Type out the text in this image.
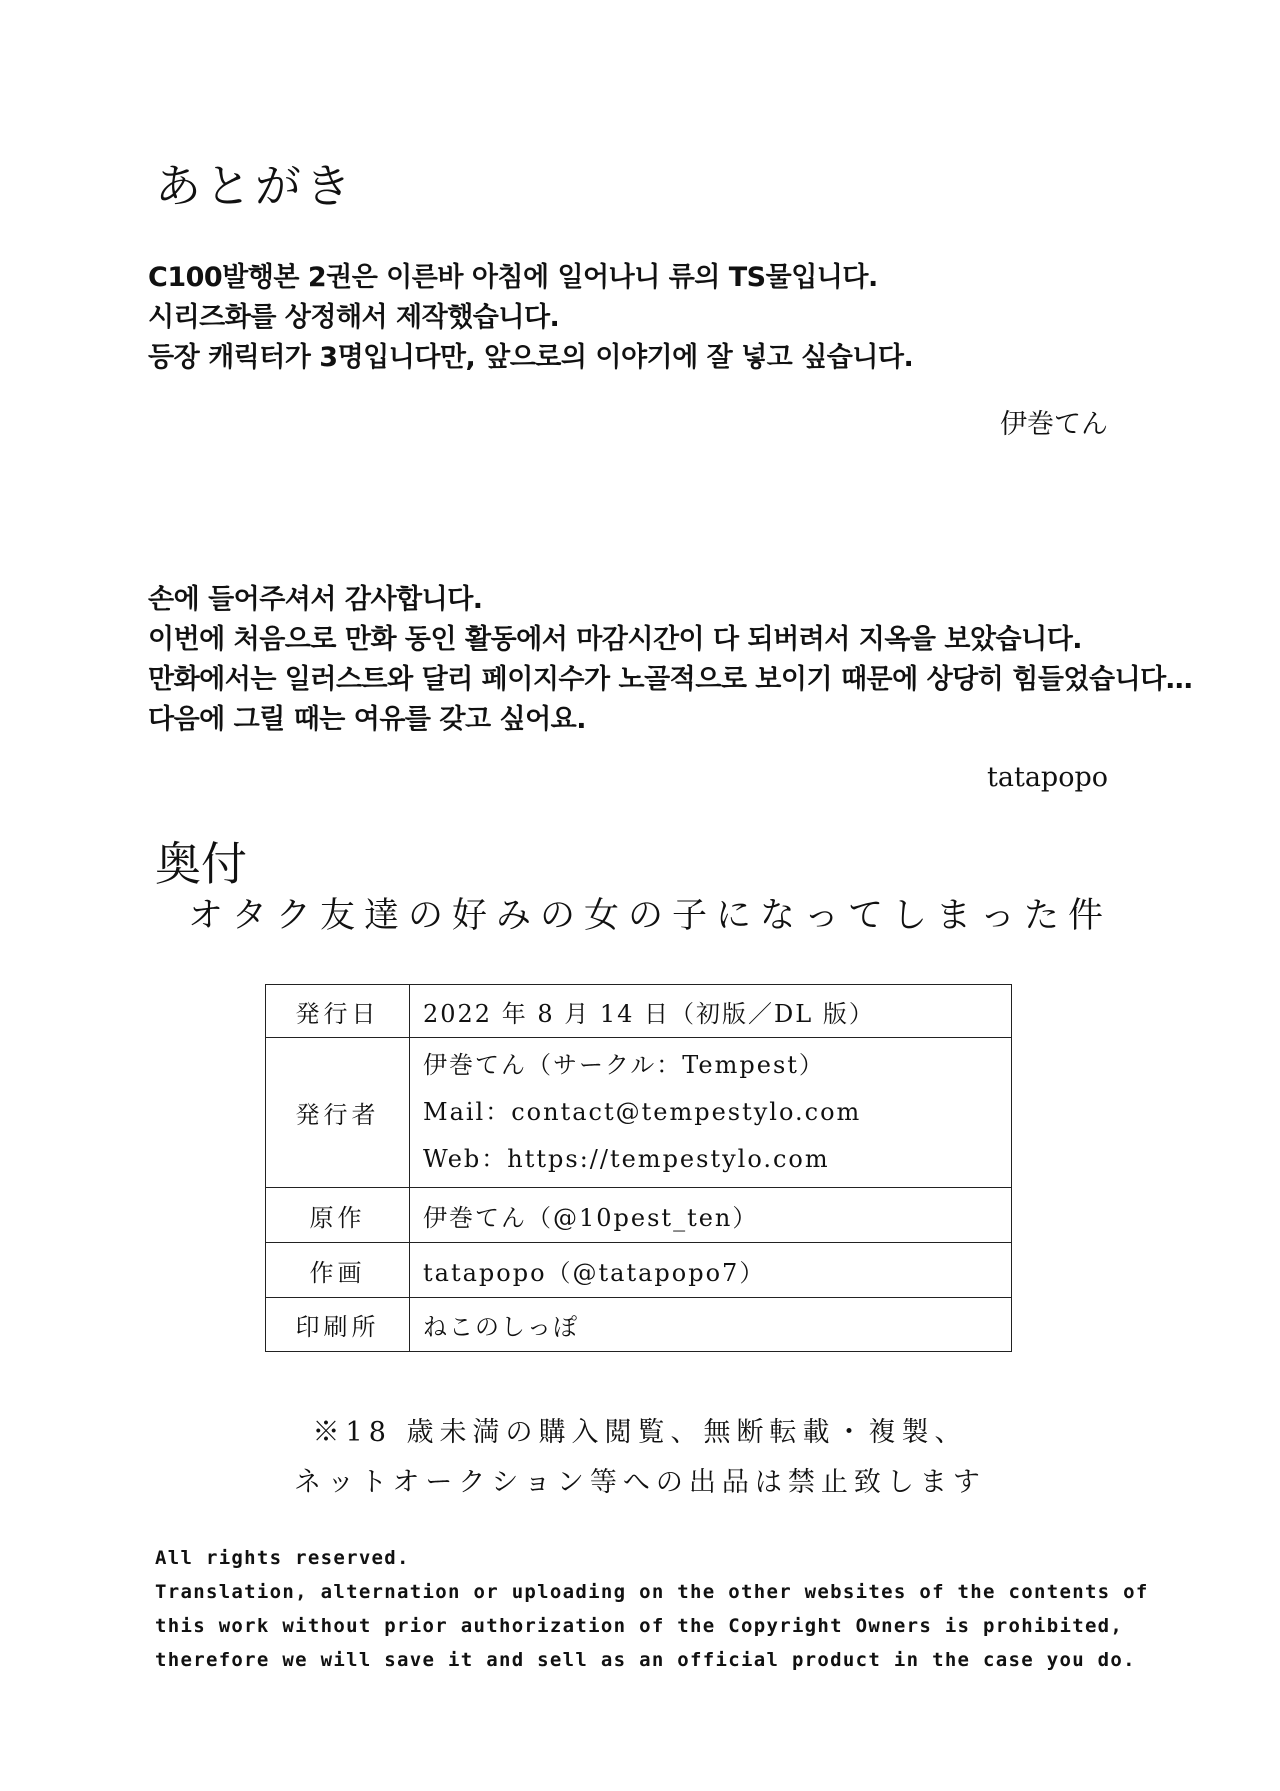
あとがき
C100발행본 2권은 이른바 아침에 일어나니 류의 TS물입니다.
시리즈화를 상정해서 제작했습니다.
등장 캐릭터가 3명입니다만, 앞으로의 이야기에 잘 넣고 싶습니다.
伊巻てん
손에 들어주셔서 감사합니다.
이번에 처음으로 만화 동인 활동에서 마감시간이 다 되버려서 지옥을 보았습니다.
만화에서는 일러스트와 달리 페이지수가 노골적으로 보이기 때문에 상당히 힘들었습니다…
다음에 그릴 때는 여유를 갖고 싶어요.
tatapopo
奥付
オタク友達の好みの女の子になってしまった件
発行日	2022 年 8 月 14 日（初版／DL 版）
発行者	伊巻てん（サークル：Tempest）
Mail：contact@tempestylo.com
Web：https://tempestylo.com

原作	伊巻てん（@10pest_ten）
作画	tatapopo（@tatapopo7）
印刷所	ねこのしっぽ
※18 歳未満の購入閲覧、無断転載・複製、
ネットオークション等への出品は禁止致します
All rights reserved.
Translation, alternation or uploading on the other websites of the contents of
this work without prior authorization of the Copyright Owners is prohibited,
therefore we will save it and sell as an official product in the case you do.
